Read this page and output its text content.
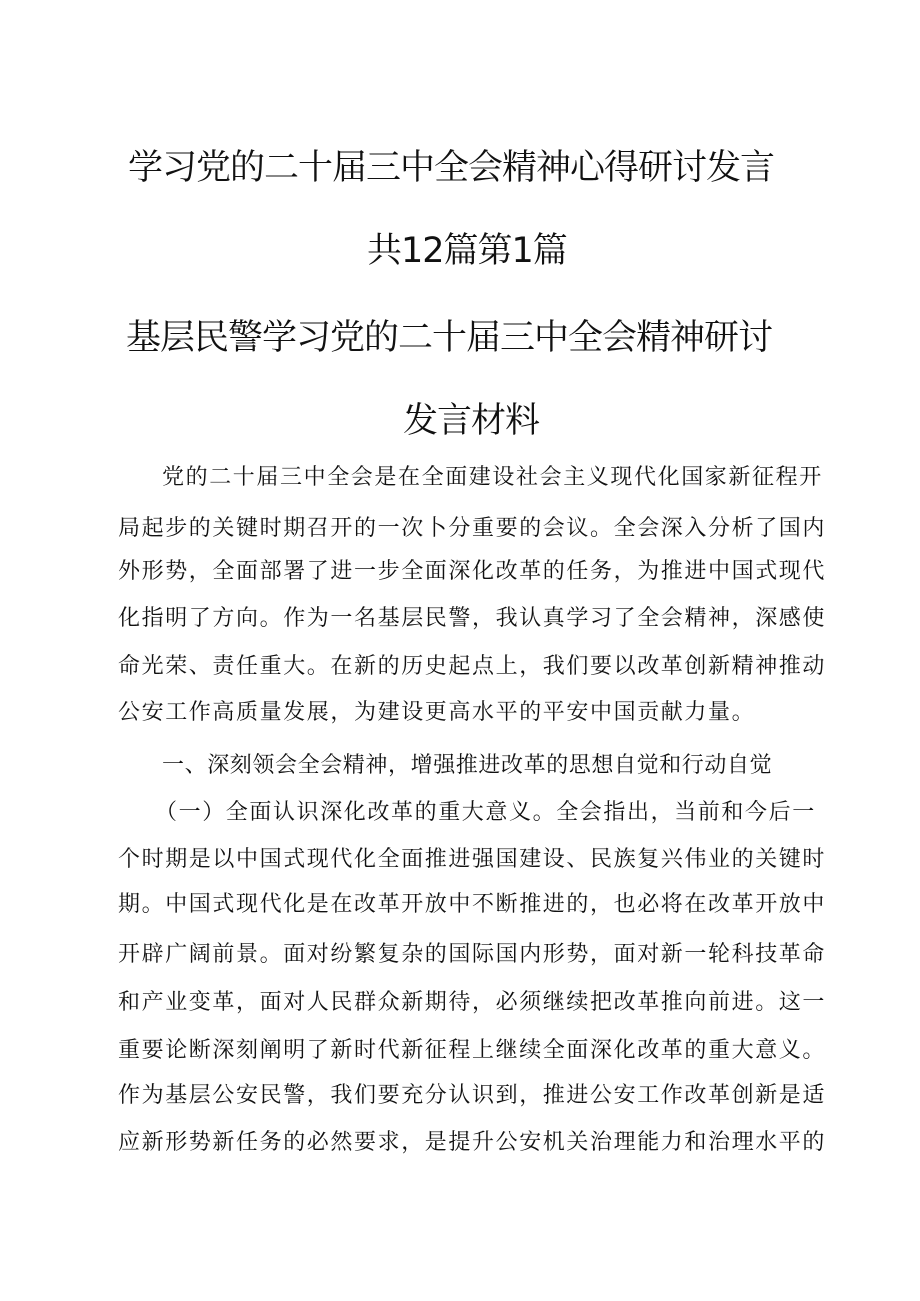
学习党的二十届三中全会精神心得研讨发言
共12篇第1篇
基层民警学习党的二十届三中全会精神研讨
发言材料
党的二十届三中全会是在全面建设社会主义现代化国家新征程开
局起步的关键时期召开的一次卜分重要的会议。全会深入分析了国内
外形势，全面部署了进一步全面深化改革的任务，为推进中国式现代
化指明了方向。作为一名基层民警，我认真学习了全会精神，深感使
命光荣、责任重大。在新的历史起点上，我们要以改革创新精神推动
公安工作高质量发展，为建设更高水平的平安中国贡献力量。
一、深刻领会全会精神，增强推进改革的思想自觉和行动自觉
（一）全面认识深化改革的重大意义。全会指出，当前和今后一
个时期是以中国式现代化全面推进强国建设、民族复兴伟业的关键时
期。中国式现代化是在改革开放中不断推进的，也必将在改革开放中
开辟广阔前景。面对纷繁复杂的国际国内形势，面对新一轮科技革命
和产业变革，面对人民群众新期待，必须继续把改革推向前进。这一
重要论断深刻阐明了新时代新征程上继续全面深化改革的重大意义。
作为基层公安民警，我们要充分认识到，推进公安工作改革创新是适
应新形势新任务的必然要求，是提升公安机关治理能力和治理水平的
